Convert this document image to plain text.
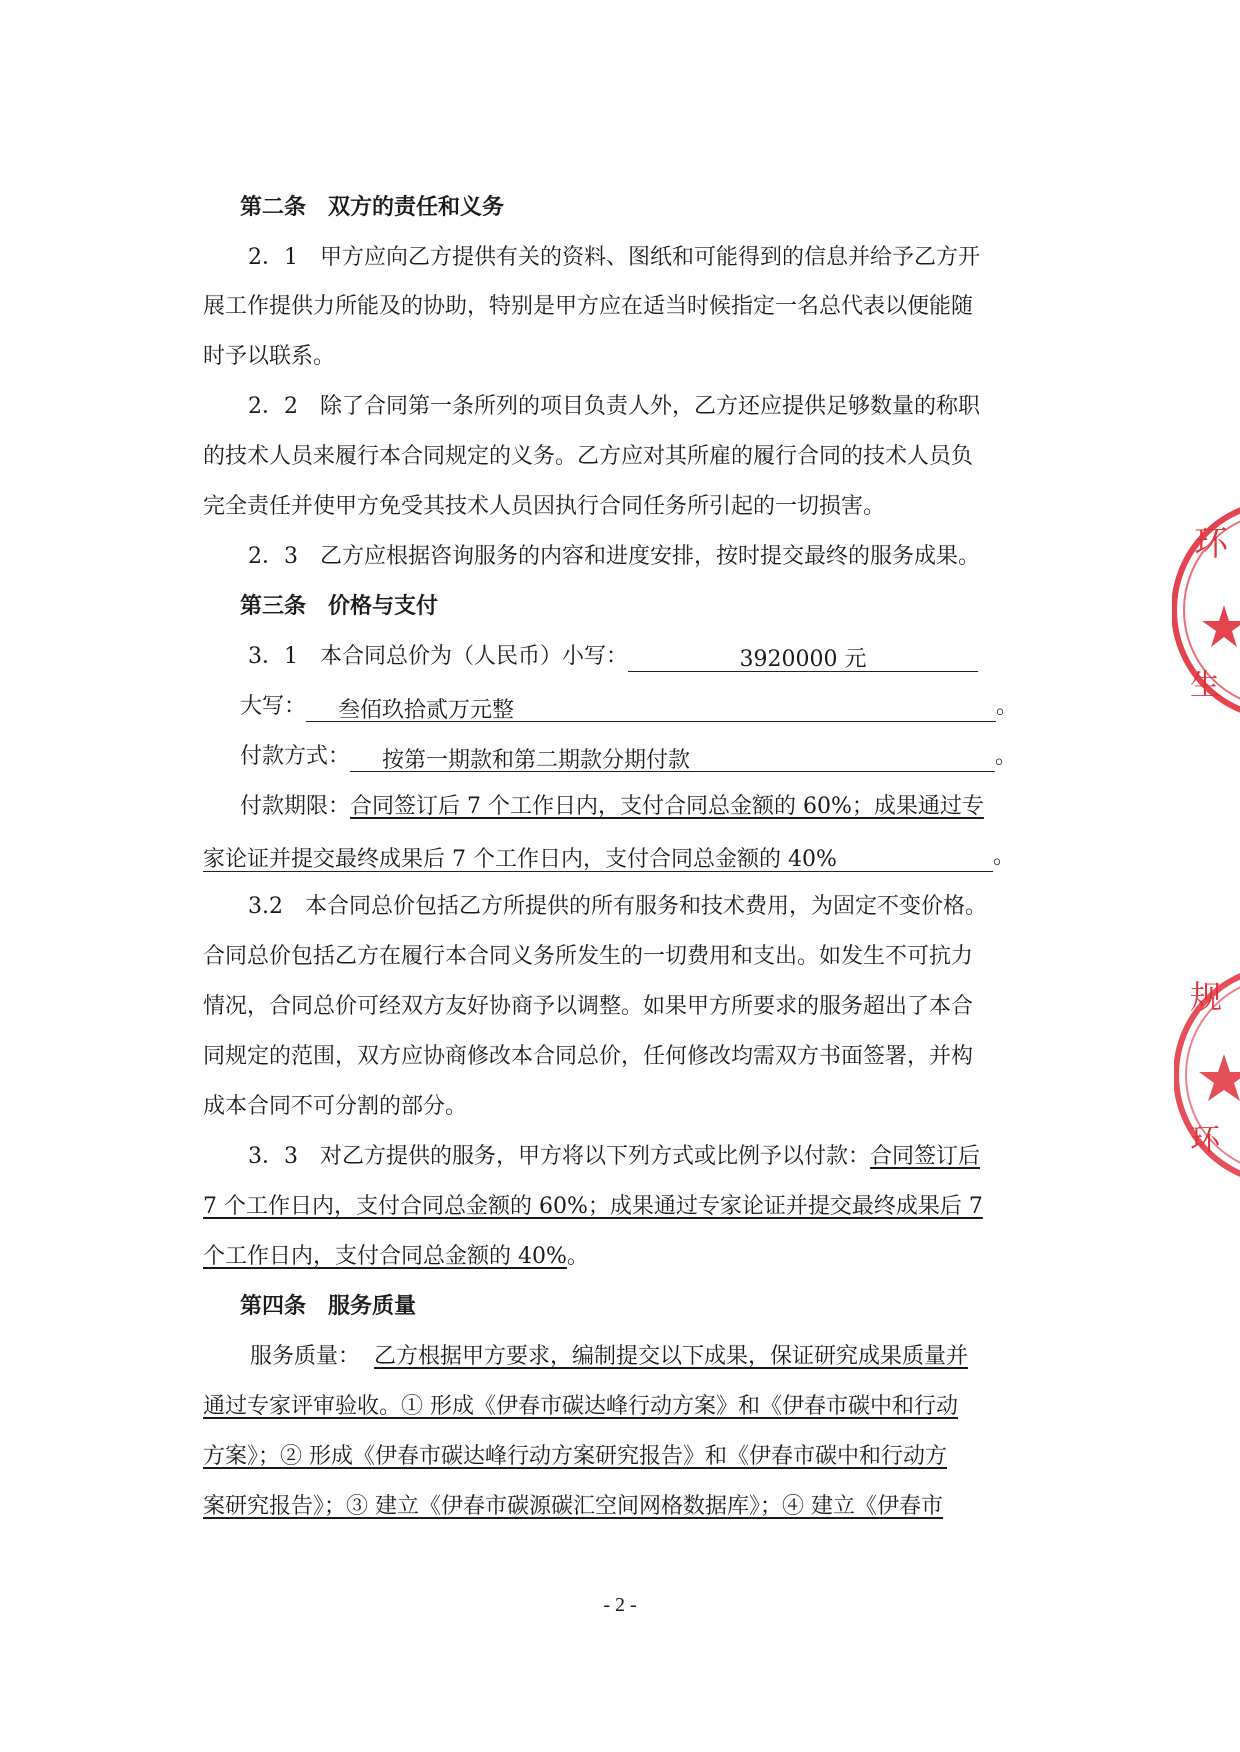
第二条　双方的责任和义务
2．1　甲方应向乙方提供有关的资料、图纸和可能得到的信息并给予乙方开
展工作提供力所能及的协助，特别是甲方应在适当时候指定一名总代表以便能随
时予以联系。
2．2　除了合同第一条所列的项目负责人外，乙方还应提供足够数量的称职
的技术人员来履行本合同规定的义务。乙方应对其所雇的履行合同的技术人员负
完全责任并使甲方免受其技术人员因执行合同任务所引起的一切损害。
2．3　乙方应根据咨询服务的内容和进度安排，按时提交最终的服务成果。
第三条　价格与支付
3．1　本合同总价为（人民币）小写：	3920000 元
大写： 叁佰玖拾贰万元整	。
付款方式： 按第一期款和第二期款分期付款	。
付款期限：合同签订后 7 个工作日内，支付合同总金额的 60%；成果通过专
家论证并提交最终成果后 7 个工作日内，支付合同总金额的 40%	。
3.2　本合同总价包括乙方所提供的所有服务和技术费用，为固定不变价格。
合同总价包括乙方在履行本合同义务所发生的一切费用和支出。如发生不可抗力
情况，合同总价可经双方友好协商予以调整。如果甲方所要求的服务超出了本合
同规定的范围，双方应协商修改本合同总价，任何修改均需双方书面签署，并构
成本合同不可分割的部分。
3．3　对乙方提供的服务，甲方将以下列方式或比例予以付款：合同签订后
7 个工作日内，支付合同总金额的 60%；成果通过专家论证并提交最终成果后 7
个工作日内，支付合同总金额的 40%。
第四条　服务质量
服务质量： 乙方根据甲方要求，编制提交以下成果，保证研究成果质量并
通过专家评审验收。① 形成《伊春市碳达峰行动方案》和《伊春市碳中和行动
方案》；② 形成《伊春市碳达峰行动方案研究报告》和《伊春市碳中和行动方
案研究报告》；③ 建立《伊春市碳源碳汇空间网格数据库》；④ 建立《伊春市
- 2 -
环
生
规
环
